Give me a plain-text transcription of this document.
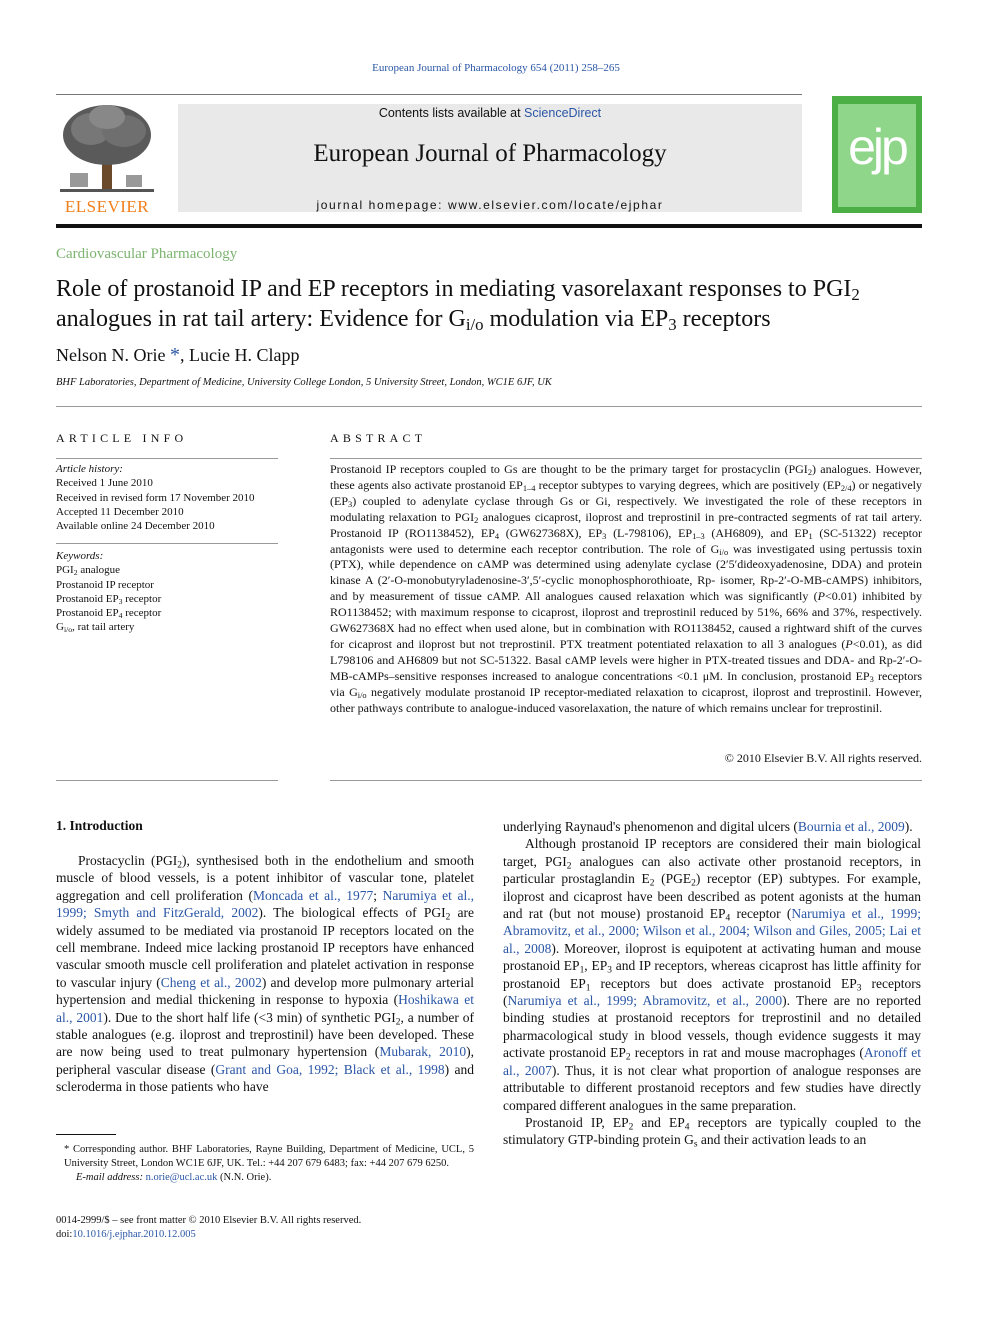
European Journal of Pharmacology 654 (2011) 258–265
ELSEVIER
Contents lists available at ScienceDirect
European Journal of Pharmacology
journal homepage: www.elsevier.com/locate/ejphar
ejp
Cardiovascular Pharmacology
Role of prostanoid IP and EP receptors in mediating vasorelaxant responses to $PGI_2$ analogues in rat tail artery: Evidence for $G_{i/o}$ modulation via $EP_3$ receptors
Nelson N. Orie *, Lucie H. Clapp
BHF Laboratories, Department of Medicine, University College London, 5 University Street, London, WC1E 6JF, UK
ARTICLE INFO
Article history:
Received 1 June 2010
Received in revised form 17 November 2010
Accepted 11 December 2010
Available online 24 December 2010
Keywords:
$PGI_2$ analogue
Prostanoid IP receptor
Prostanoid $EP_3$ receptor
Prostanoid $EP_4$ receptor
$G_{i/o}$, rat tail artery
ABSTRACT
Prostanoid IP receptors coupled to Gs are thought to be the primary target for prostacyclin $(PGI_2)$ analogues. However, these agents also activate prostanoid $EP_{1-4}$ receptor subtypes to varying degrees, which are positively $(EP_{2/4})$ or negatively $(EP_3)$ coupled to adenylate cyclase through Gs or Gi, respectively. We investigated the role of these receptors in modulating relaxation to $PGI_2$ analogues cicaprost, iloprost and treprostinil in pre-contracted segments of rat tail artery. Prostanoid IP (RO1138452), $EP_4$ (GW627368X), $EP_3$ (L-798106), $EP_{1-3}$ (AH6809), and $EP_1$ (SC-51322) receptor antagonists were used to determine each receptor contribution. The role of $G_{i/o}$ was investigated using pertussis toxin (PTX), while dependence on cAMP was determined using adenylate cyclase (2′5′dideoxyadenosine, DDA) and protein kinase A (2′-O-monobutyryladenosine-3′,5′-cyclic monophosphorothioate, Rp- isomer, Rp-2′-O-MB-cAMPS) inhibitors, and by measurement of tissue cAMP. All analogues caused relaxation which was significantly (P<0.01) inhibited by RO1138452; with maximum response to cicaprost, iloprost and treprostinil reduced by 51%, 66% and 37%, respectively. GW627368X had no effect when used alone, but in combination with RO1138452, caused a rightward shift of the curves for cicaprost and iloprost but not treprostinil. PTX treatment potentiated relaxation to all 3 analogues (P<0.01), as did L798106 and AH6809 but not SC-51322. Basal cAMP levels were higher in PTX-treated tissues and DDA- and Rp-2′-O-MB-cAMPs–sensitive responses increased to analogue concentrations <0.1 μM. In conclusion, prostanoid $EP_3$ receptors via $G_{i/o}$ negatively modulate prostanoid IP receptor-mediated relaxation to cicaprost, iloprost and treprostinil. However, other pathways contribute to analogue-induced vasorelaxation, the nature of which remains unclear for treprostinil.
© 2010 Elsevier B.V. All rights reserved.
1. Introduction

Prostacyclin $(PGI_2)$, synthesised both in the endothelium and smooth muscle of blood vessels, is a potent inhibitor of vascular tone, platelet aggregation and cell proliferation (Moncada et al., 1977; Narumiya et al., 1999; Smyth and FitzGerald, 2002). The biological effects of $PGI_2$ are widely assumed to be mediated via prostanoid IP receptors located on the cell membrane. Indeed mice lacking prostanoid IP receptors have enhanced vascular smooth muscle cell proliferation and platelet activation in response to vascular injury (Cheng et al., 2002) and develop more pulmonary arterial hypertension and medial thickening in response to hypoxia (Hoshikawa et al., 2001). Due to the short half life (<3 min) of synthetic $PGI_2$, a number of stable analogues (e.g. iloprost and treprostinil) have been developed. These are now being used to treat pulmonary hypertension (Mubarak, 2010), peripheral vascular disease (Grant and Goa, 1992; Black et al., 1998) and scleroderma in those patients who have

underlying Raynaud's phenomenon and digital ulcers (Bournia et al., 2009).

Although prostanoid IP receptors are considered their main biological target, $PGI_2$ analogues can also activate other prostanoid receptors, in particular prostaglandin $E_2$ $(PGE_2)$ receptor (EP) subtypes. For example, iloprost and cicaprost have been described as potent agonists at the human and rat (but not mouse) prostanoid $EP_4$ receptor (Narumiya et al., 1999; Abramovitz, et al., 2000; Wilson et al., 2004; Wilson and Giles, 2005; Lai et al., 2008). Moreover, iloprost is equipotent at activating human and mouse prostanoid $EP_1$, $EP_3$ and IP receptors, whereas cicaprost has little affinity for prostanoid $EP_1$ receptors but does activate prostanoid $EP_3$ receptors (Narumiya et al., 1999; Abramovitz, et al., 2000). There are no reported binding studies at prostanoid receptors for treprostinil and no detailed pharmacological study in blood vessels, though evidence suggests it may activate prostanoid $EP_2$ receptors in rat and mouse macrophages (Aronoff et al., 2007). Thus, it is not clear what proportion of analogue responses are attributable to different prostanoid receptors and few studies have directly compared different analogues in the same preparation.

Prostanoid IP, $EP_2$ and $EP_4$ receptors are typically coupled to the stimulatory GTP-binding protein $G_s$ and their activation leads to an

* Corresponding author. BHF Laboratories, Rayne Building, Department of Medicine, UCL, 5 University Street, London WC1E 6JF, UK. Tel.: +44 207 679 6483; fax: +44 207 679 6250.
E-mail address: n.orie@ucl.ac.uk (N.N. Orie).
0014-2999/$ – see front matter © 2010 Elsevier B.V. All rights reserved.
doi:10.1016/j.ejphar.2010.12.005
